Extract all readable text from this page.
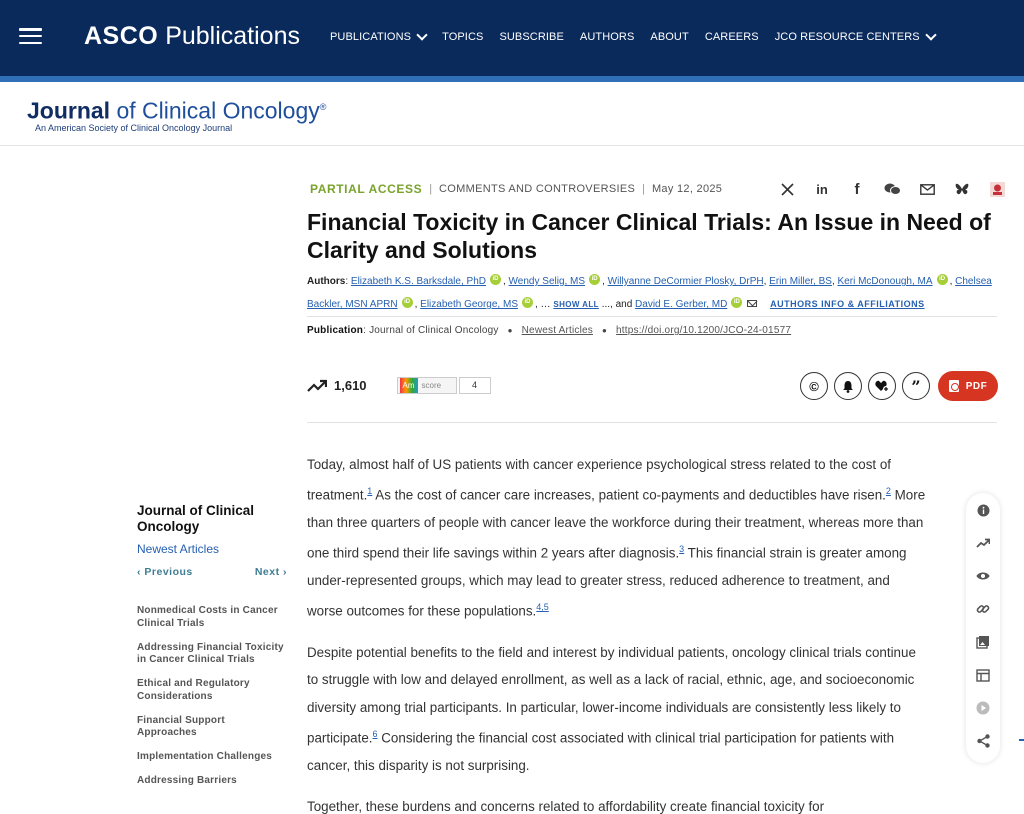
ASCO Publications	PUBLICATIONS	TOPICS SUBSCRIBE AUTHORS ABOUT CAREERS JCO RESOURCE CENTERS
Journal of Clinical Oncology®
An American Society of Clinical Oncology Journal
PARTIAL ACCESS | COMMENTS AND CONTROVERSIES | May 12, 2025	in	f
Financial Toxicity in Cancer Clinical Trials: An Issue in Need of Clarity and Solutions
Authors: Elizabeth K.S. Barksdale, PhD iD , Wendy Selig, MS iD , Willyanne DeCormier Plosky, DrPH, Erin Miller, BS, Keri McDonough, MA iD , Chelsea Backler, MSN APRN iD , Elizabeth George, MS iD , … SHOW ALL ..., and David E. Gerber, MD iD	AUTHORS INFO & AFFILIATIONS
Publication: Journal of Clinical Oncology ● Newest Articles ● https://doi.org/10.1200/JCO-24-01577
1,610	Am score	4	©	”	PDF

Today, almost half of US patients with cancer experience psychological stress related to the cost of treatment.$^1$ As the cost of cancer care increases, patient co-payments and deductibles have risen.$^2$ More than three quarters of people with cancer leave the workforce during their treatment, whereas more than one third spend their life savings within 2 years after diagnosis.$^3$ This financial strain is greater among under-represented groups, which may lead to greater stress, reduced adherence to treatment, and worse outcomes for these populations.$^{4,5}$

Despite potential benefits to the field and interest by individual patients, oncology clinical trials continue to struggle with low and delayed enrollment, as well as a lack of racial, ethnic, age, and socioeconomic diversity among trial participants. In particular, lower-income individuals are consistently less likely to participate.$^6$ Considering the financial cost associated with clinical trial participation for patients with cancer, this disparity is not surprising.

Together, these burdens and concerns related to affordability create financial toxicity for

Journal of Clinical Oncology
Newest Articles
‹ Previous	Next ›
Nonmedical Costs in Cancer Clinical Trials
Addressing Financial Toxicity in Cancer Clinical Trials
Ethical and Regulatory Considerations
Financial Support Approaches
Implementation Challenges
Addressing Barriers
